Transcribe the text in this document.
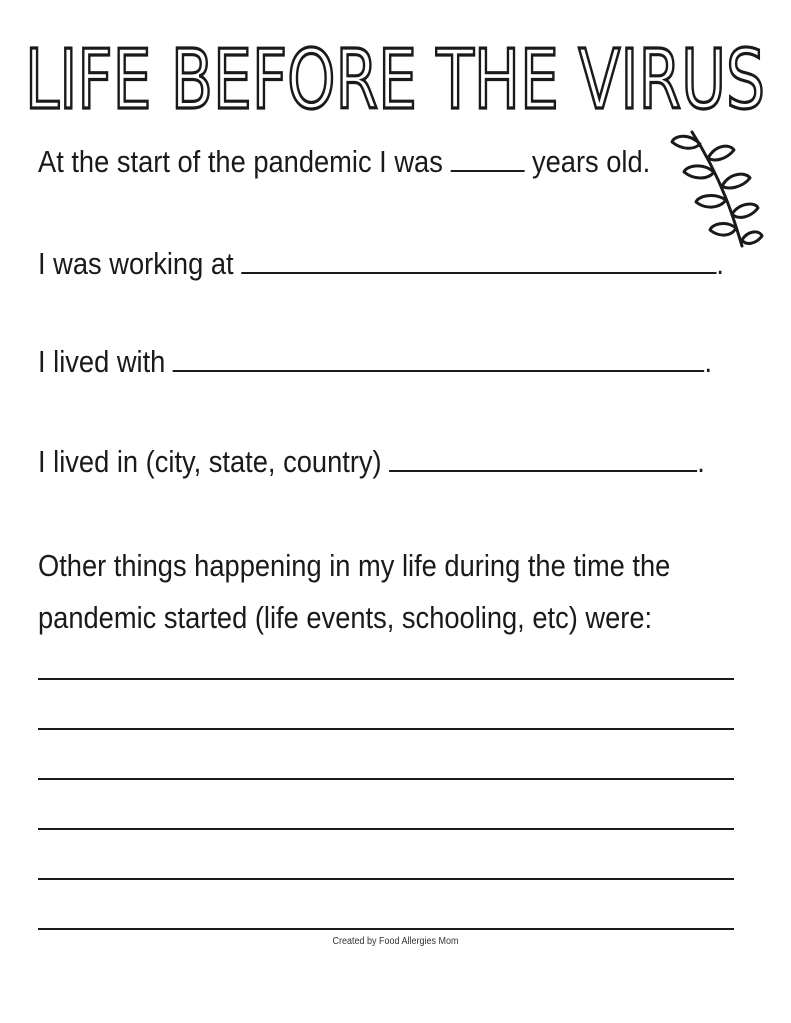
LIFE BEFORE THE VIRUS
At the start of the pandemic I was	years old.
I was working at	.
I lived with	.
I lived in (city, state, country)	.
Other things happening in my life during the time the
pandemic started (life events, schooling, etc) were:
Created by Food Allergies Mom
